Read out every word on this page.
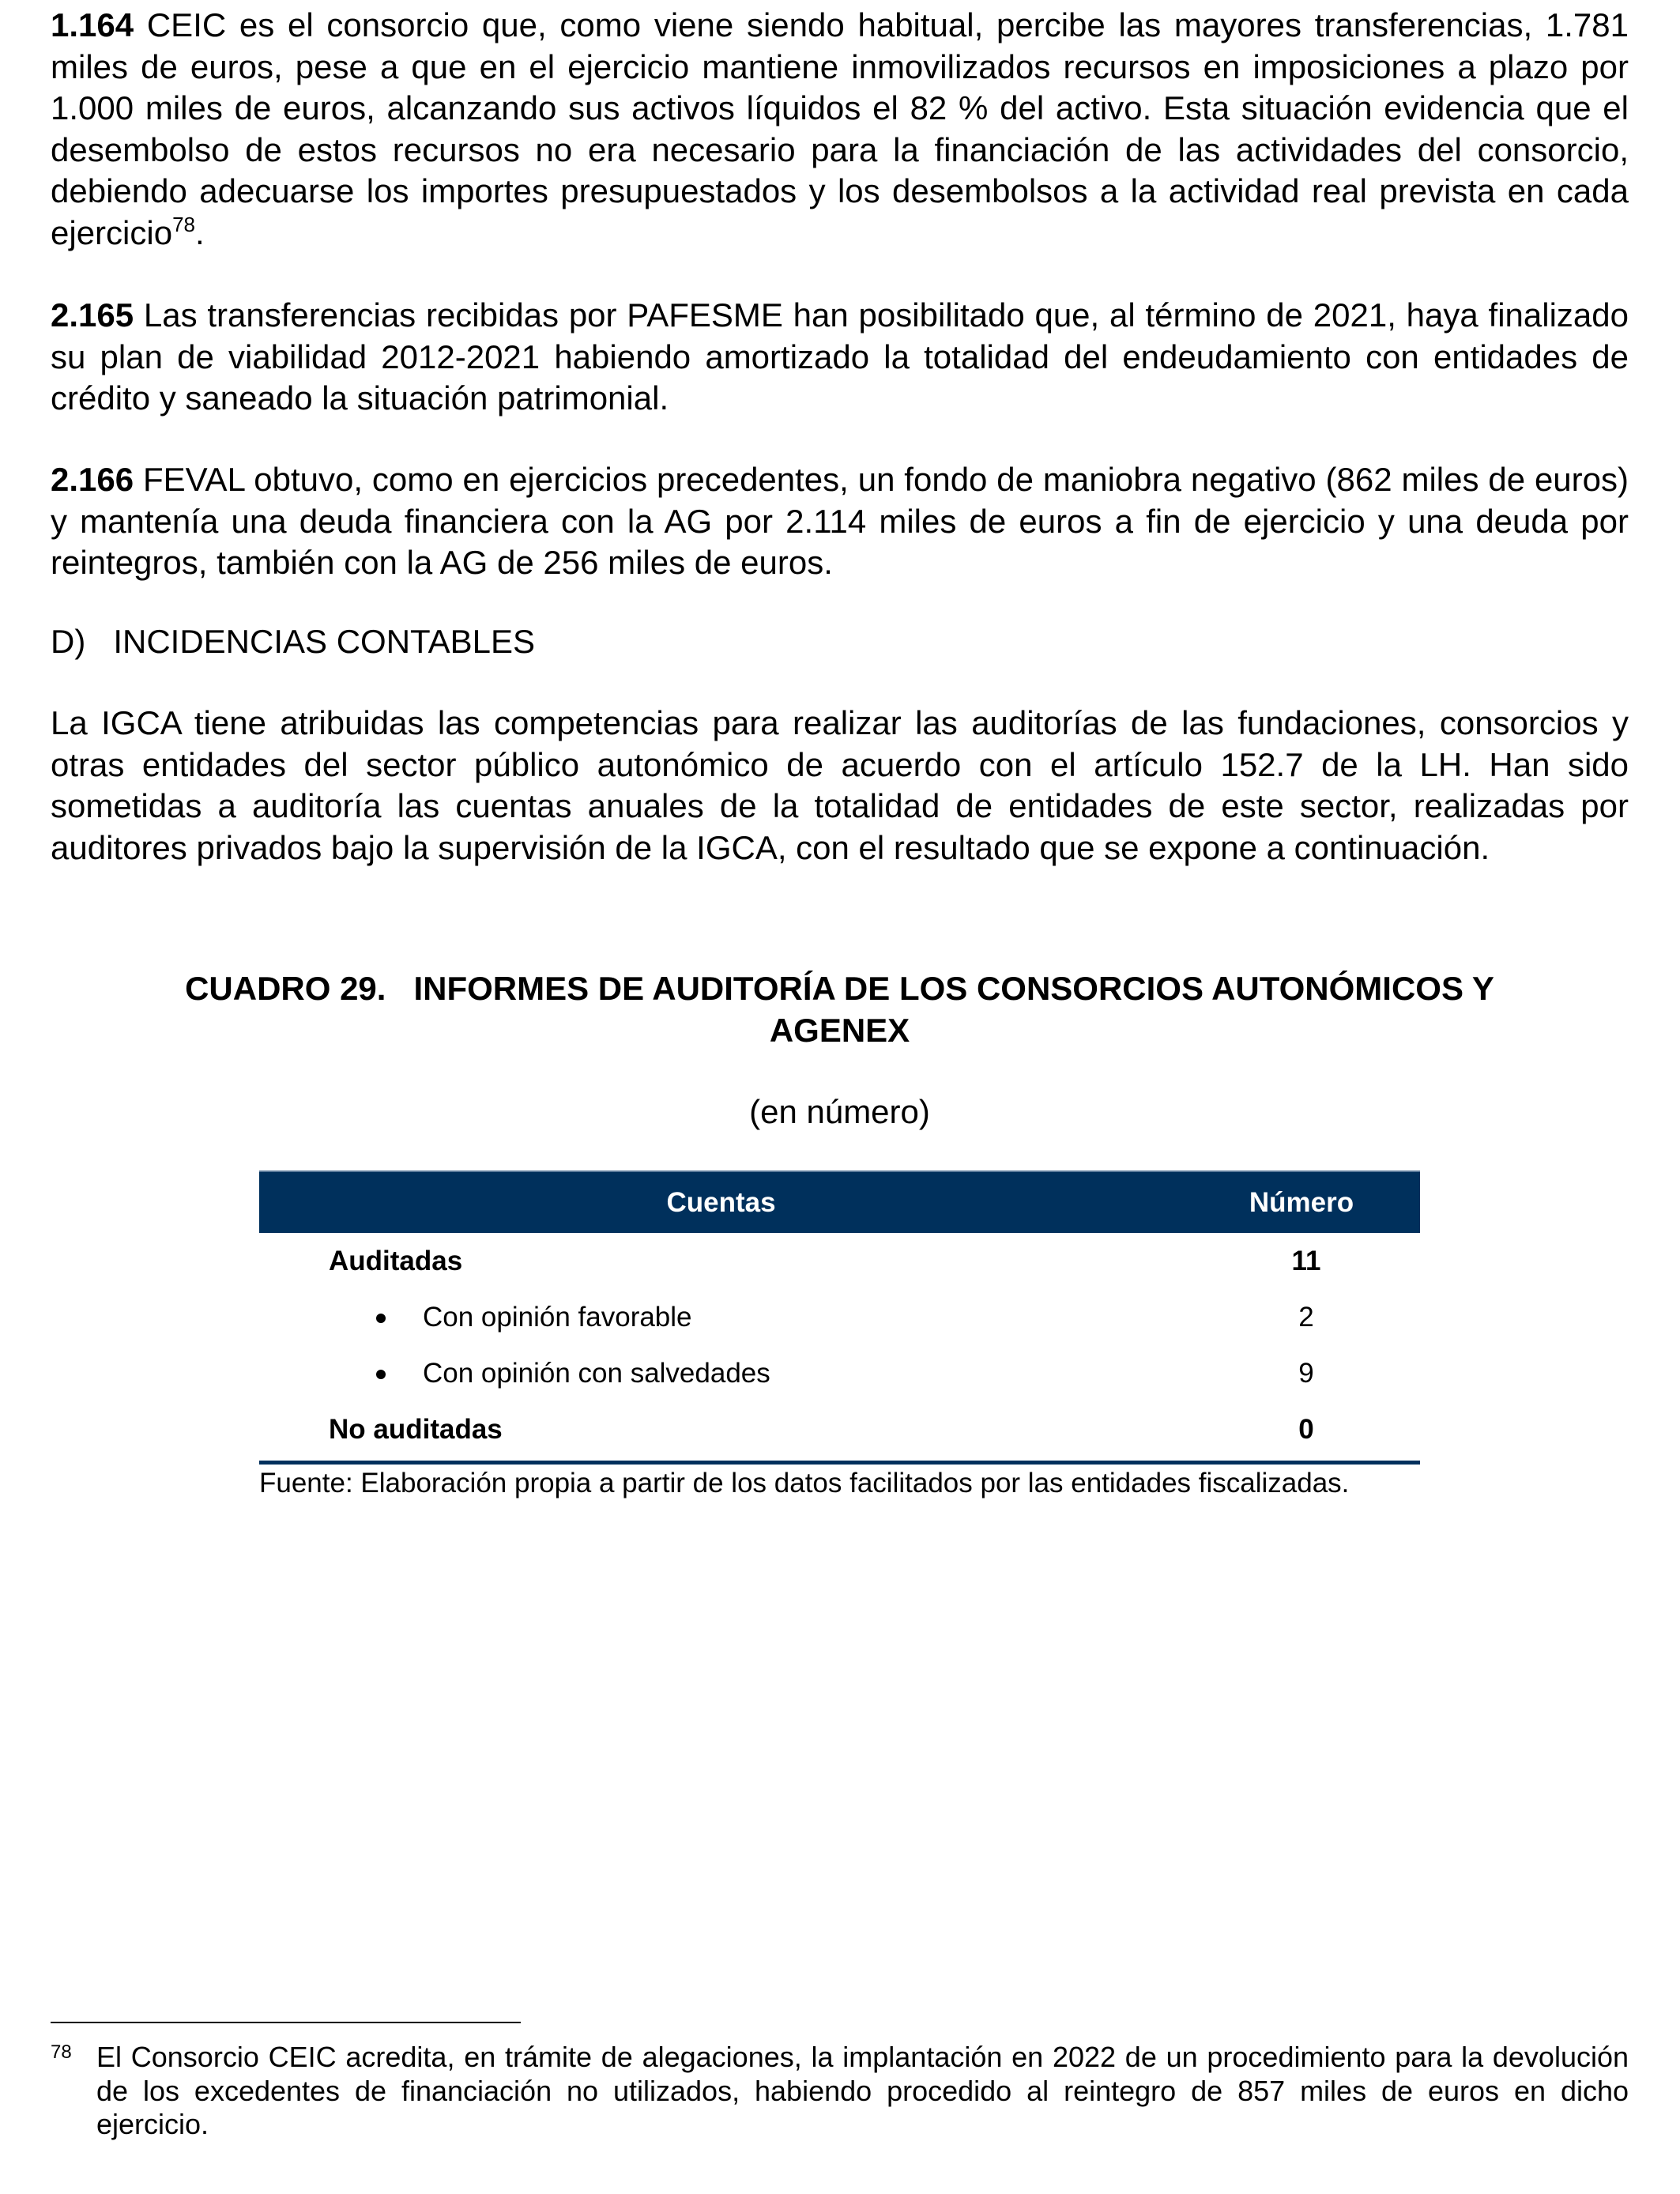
1.164 CEIC es el consorcio que, como viene siendo habitual, percibe las mayores transferencias, 1.781 miles de euros, pese a que en el ejercicio mantiene inmovilizados recursos en imposiciones a plazo por 1.000 miles de euros, alcanzando sus activos líquidos el 82 % del activo. Esta situación evidencia que el desembolso de estos recursos no era necesario para la financiación de las actividades del consorcio, debiendo adecuarse los importes presupuestados y los desembolsos a la actividad real prevista en cada ejercicio$^{78}$.

2.165 Las transferencias recibidas por PAFESME han posibilitado que, al término de 2021, haya finalizado su plan de viabilidad 2012-2021 habiendo amortizado la totalidad del endeudamiento con entidades de crédito y saneado la situación patrimonial.

2.166 FEVAL obtuvo, como en ejercicios precedentes, un fondo de maniobra negativo (862 miles de euros) y mantenía una deuda financiera con la AG por 2.114 miles de euros a fin de ejercicio y una deuda por reintegros, también con la AG de 256 miles de euros.

D)   INCIDENCIAS CONTABLES

La IGCA tiene atribuidas las competencias para realizar las auditorías de las fundaciones, consorcios y otras entidades del sector público autonómico de acuerdo con el artículo 152.7 de la LH. Han sido sometidas a auditoría las cuentas anuales de la totalidad de entidades de este sector, realizadas por auditores privados bajo la supervisión de la IGCA, con el resultado que se expone a continuación.

CUADRO 29.   INFORMES DE AUDITORÍA DE LOS CONSORCIOS AUTONÓMICOS Y AGENEX
(en número)
Cuentas	Número
Auditadas	11
Con opinión favorable	2
Con opinión con salvedades	9
No auditadas	0
Fuente: Elaboración propia a partir de los datos facilitados por las entidades fiscalizadas.
78 El Consorcio CEIC acredita, en trámite de alegaciones, la implantación en 2022 de un procedimiento para la devolución de los excedentes de financiación no utilizados, habiendo procedido al reintegro de 857 miles de euros en dicho ejercicio.
